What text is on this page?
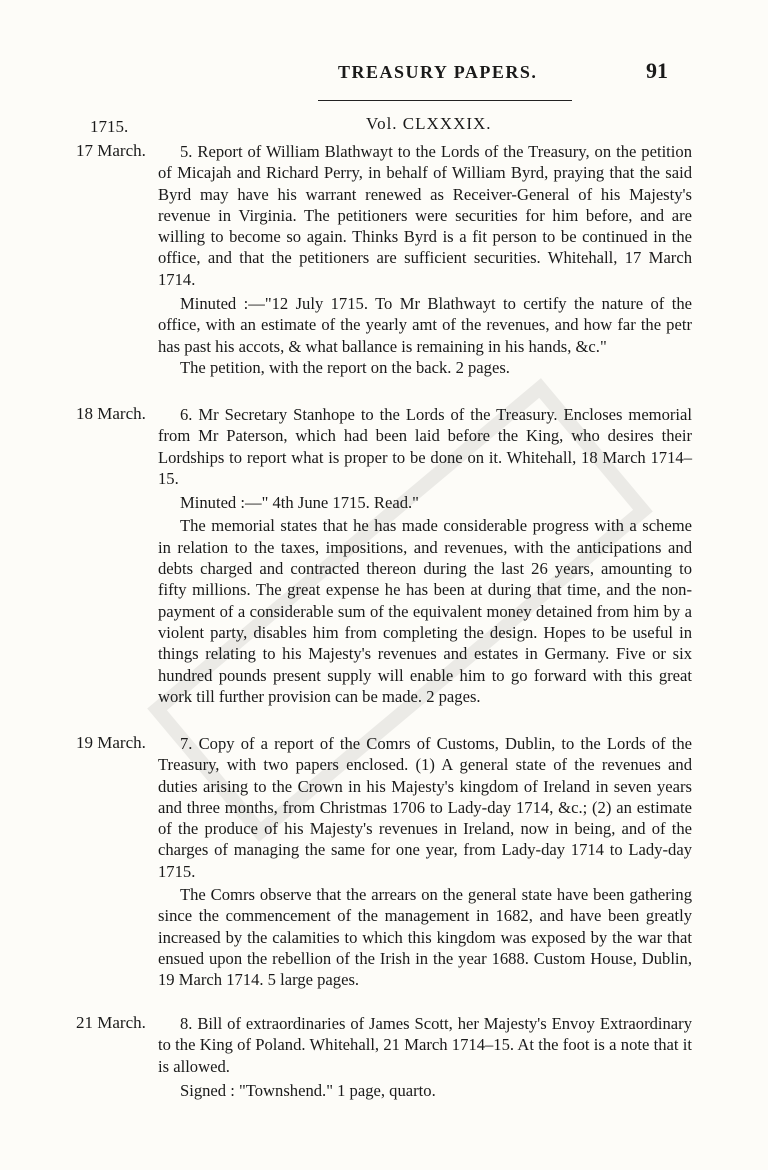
TREASURY PAPERS.	91
1715.	Vol. CLXXXIX.
17 March.	5. Report of William Blathwayt to the Lords of the Treasury, on the petition of Micajah and Richard Perry, in behalf of William Byrd, praying that the said Byrd may have his warrant renewed as Receiver-General of his Majesty's revenue in Virginia. The petitioners were securities for him before, and are willing to become so again. Thinks Byrd is a fit person to be continued in the office, and that the petitioners are sufficient securities. Whitehall, 17 March 1714.

Minuted :—"12 July 1715. To Mr Blathwayt to certify the nature of the office, with an estimate of the yearly amt of the revenues, and how far the petr has past his accots, & what ballance is remaining in his hands, &c."

The petition, with the report on the back. 2 pages.

18 March.	6. Mr Secretary Stanhope to the Lords of the Treasury. Encloses memorial from Mr Paterson, which had been laid before the King, who desires their Lordships to report what is proper to be done on it. Whitehall, 18 March 1714–15.

Minuted :—" 4th June 1715. Read."

The memorial states that he has made considerable progress with a scheme in relation to the taxes, impositions, and revenues, with the anticipations and debts charged and contracted thereon during the last 26 years, amounting to fifty millions. The great expense he has been at during that time, and the non-payment of a considerable sum of the equivalent money detained from him by a violent party, disables him from completing the design. Hopes to be useful in things relating to his Majesty's revenues and estates in Germany. Five or six hundred pounds present supply will enable him to go forward with this great work till further provision can be made. 2 pages.

19 March.	7. Copy of a report of the Comrs of Customs, Dublin, to the Lords of the Treasury, with two papers enclosed. (1) A general state of the revenues and duties arising to the Crown in his Majesty's kingdom of Ireland in seven years and three months, from Christmas 1706 to Lady-day 1714, &c.; (2) an estimate of the produce of his Majesty's revenues in Ireland, now in being, and of the charges of managing the same for one year, from Lady-day 1714 to Lady-day 1715.

The Comrs observe that the arrears on the general state have been gathering since the commencement of the management in 1682, and have been greatly increased by the calamities to which this kingdom was exposed by the war that ensued upon the rebellion of the Irish in the year 1688. Custom House, Dublin, 19 March 1714. 5 large pages.

21 March.	8. Bill of extraordinaries of James Scott, her Majesty's Envoy Extraordinary to the King of Poland. Whitehall, 21 March 1714–15. At the foot is a note that it is allowed.

Signed : "Townshend." 1 page, quarto.
